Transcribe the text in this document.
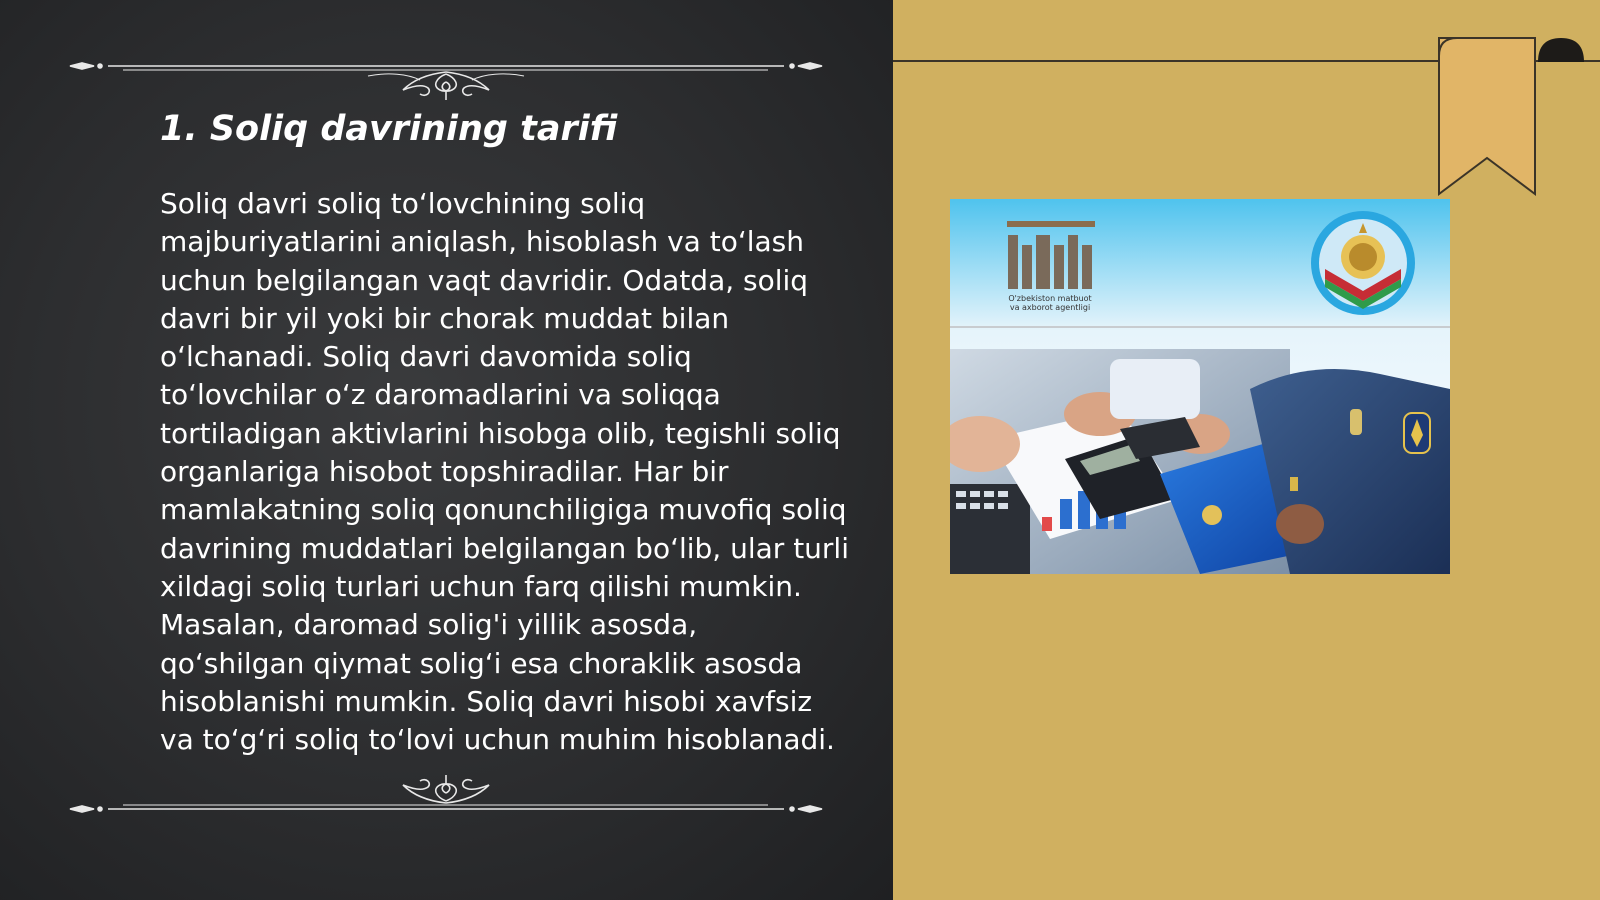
1. Soliq davrining tarifi

Soliq davri soliq to‘lovchining soliq majburiyatlarini aniqlash, hisoblash va to‘lash uchun belgilangan vaqt davridir. Odatda, soliq davri bir yil yoki bir chorak muddat bilan o‘lchanadi. Soliq davri davomida soliq to‘lovchilar o‘z daromadlarini va soliqqa tortiladigan aktivlarini hisobga olib, tegishli soliq organlariga hisobot topshiradilar. Har bir mamlakatning soliq qonunchiligiga muvofiq soliq davrining muddatlari belgilangan bo‘lib, ular turli xildagi soliq turlari uchun farq qilishi mumkin. Masalan, daromad solig'i yillik asosda, qo‘shilgan qiymat solig‘i esa choraklik asosda hisoblanishi mumkin. Soliq davri hisobi xavfsiz va to‘g‘ri soliq to‘lovi uchun muhim hisoblanadi.

O'zbekiston matbuot
va axborot agentligi
